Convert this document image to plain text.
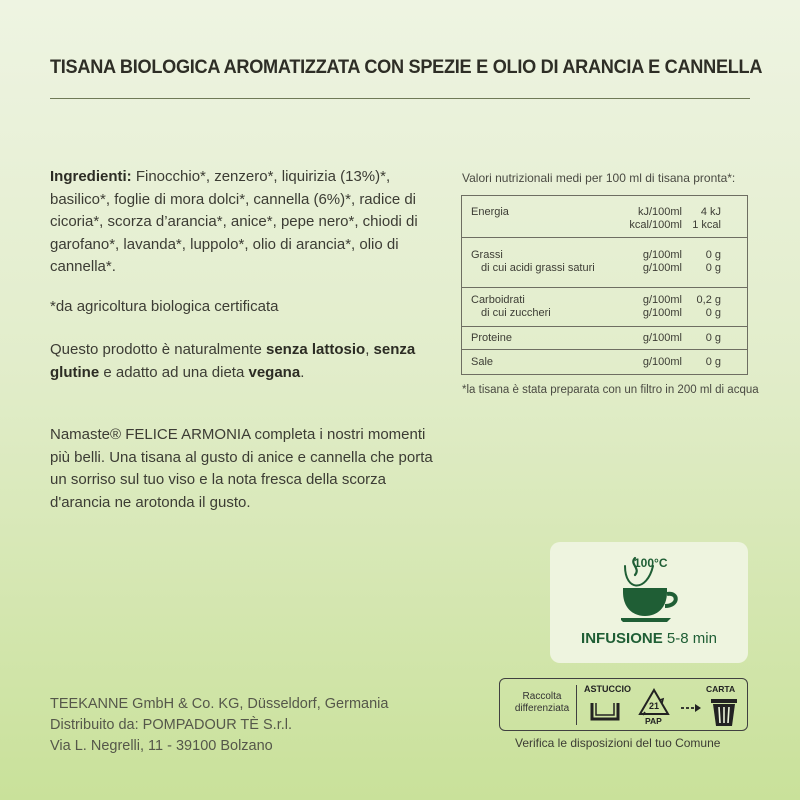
TISANA BIOLOGICA AROMATIZZATA CON SPEZIE E OLIO DI ARANCIA E CANNELLA
Ingredienti: Finocchio*, zenzero*, liquirizia (13%)*, basilico*, foglie di mora dolci*, cannella (6%)*, radice di cicoria*, scorza d’arancia*, anice*, pepe nero*, chiodi di garofano*, lavanda*, luppolo*, olio di arancia*, olio di cannella*.
*da agricoltura biologica certificata
Questo prodotto è naturalmente senza lattosio, senza glutine e adatto ad una dieta vegana.
Namaste® FELICE ARMONIA completa i nostri momenti più belli. Una tisana al gusto di anice e cannella che porta un sorriso sul tuo viso e la nota fresca della scorza d'arancia ne arotonda il gusto.
TEEKANNE GmbH & Co. KG, Düsseldorf, Germania
Distribuito da: POMPADOUR TÈ S.r.l.
Via L. Negrelli, 11 - 39100 Bolzano
Valori nutrizionali medi per 100 ml di tisana pronta*:
Energia	kJ/100ml 4 kJ
kcal/100ml 1 kcal
Grassi	g/100ml 0 g
di cui acidi grassi saturi	g/100ml 0 g
Carboidrati	g/100ml 0,2 g
di cui zuccheri	g/100ml 0 g
Proteine	g/100ml 0 g
Sale	g/100ml 0 g
*la tisana è stata preparata con un filtro in 200 ml di acqua
100°C
INFUSIONE 5-8 min
Raccolta
differenziata
ASTUCCIO
21
PAP
CARTA
Verifica le disposizioni del tuo Comune
